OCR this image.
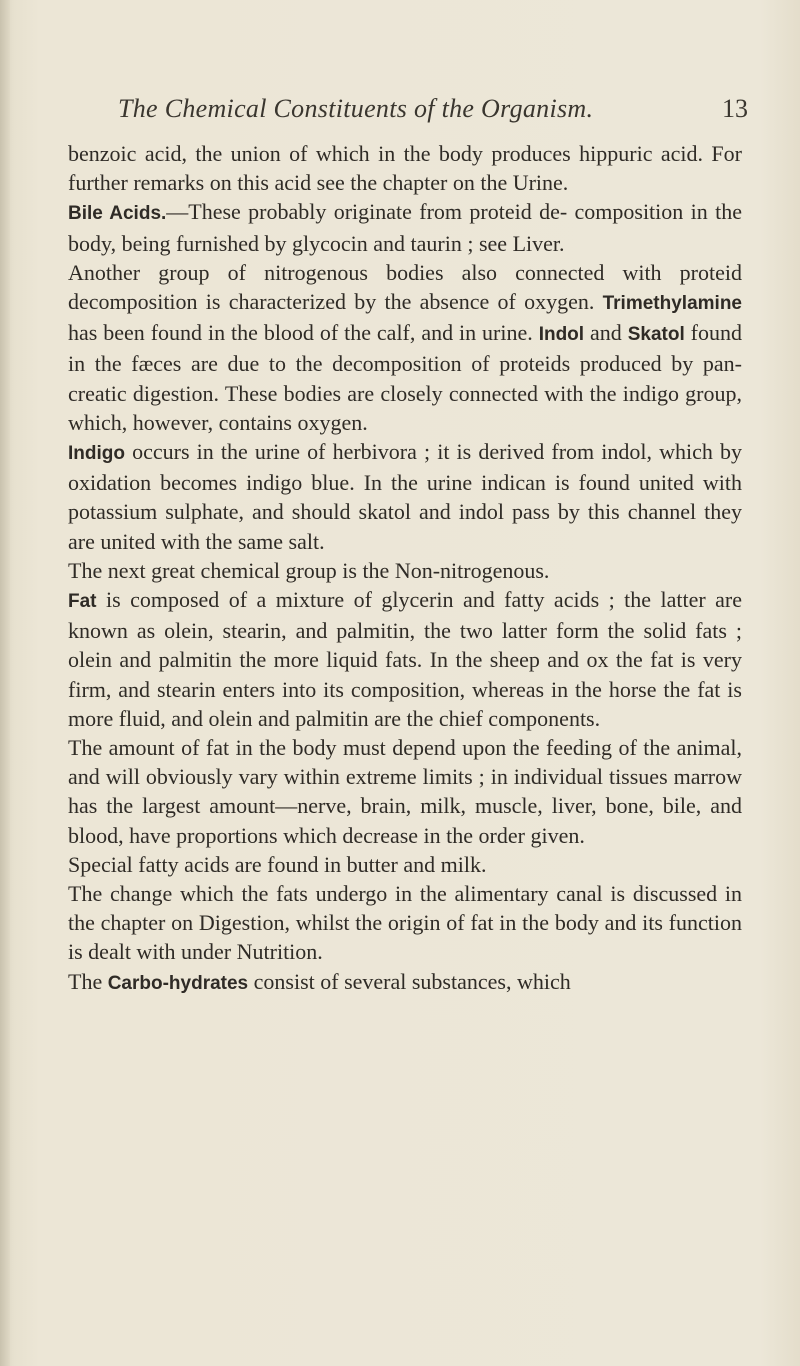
The Chemical Constituents of the Organism.	13

benzoic acid, the union of which in the body produces hippuric acid. For further remarks on this acid see the chapter on the Urine.

Bile Acids.—These probably originate from proteid de- composition in the body, being furnished by glycocin and taurin ; see Liver.

Another group of nitrogenous bodies also connected with proteid decomposition is characterized by the absence of oxygen. Trimethylamine has been found in the blood of the calf, and in urine. Indol and Skatol found in the fæces are due to the decomposition of proteids produced by pan- creatic digestion. These bodies are closely connected with the indigo group, which, however, contains oxygen.

Indigo occurs in the urine of herbivora ; it is derived from indol, which by oxidation becomes indigo blue. In the urine indican is found united with potassium sulphate, and should skatol and indol pass by this channel they are united with the same salt.

The next great chemical group is the Non-nitrogenous.

Fat is composed of a mixture of glycerin and fatty acids ; the latter are known as olein, stearin, and palmitin, the two latter form the solid fats ; olein and palmitin the more liquid fats. In the sheep and ox the fat is very firm, and stearin enters into its composition, whereas in the horse the fat is more fluid, and olein and palmitin are the chief components.

The amount of fat in the body must depend upon the feeding of the animal, and will obviously vary within extreme limits ; in individual tissues marrow has the largest amount—nerve, brain, milk, muscle, liver, bone, bile, and blood, have proportions which decrease in the order given.

Special fatty acids are found in butter and milk.

The change which the fats undergo in the alimentary canal is discussed in the chapter on Digestion, whilst the origin of fat in the body and its function is dealt with under Nutrition.

The Carbo-hydrates consist of several substances, which
